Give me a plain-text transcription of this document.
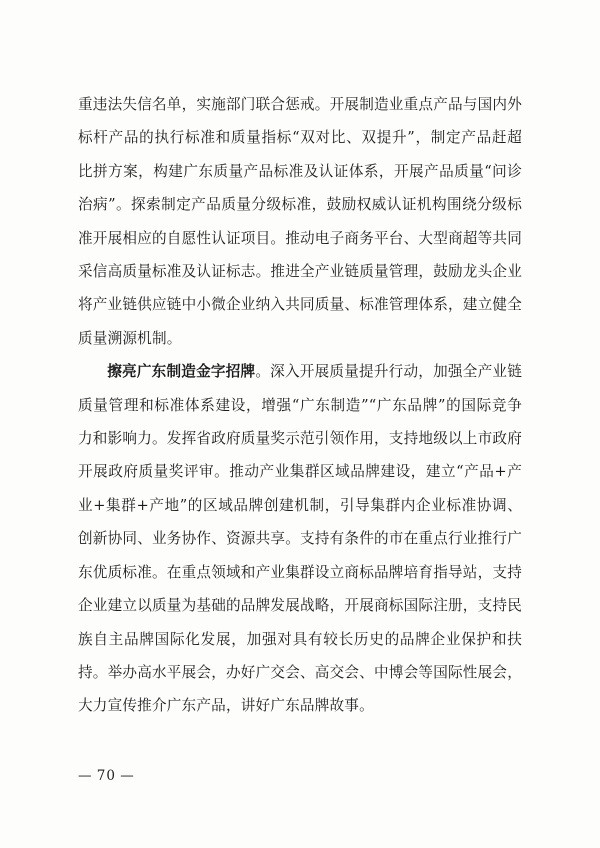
重违法失信名单，实施部门联合惩戒。开展制造业重点产品与国内外标杆产品的执行标准和质量指标“双对比、双提升”，制定产品赶超比拼方案，构建广东质量产品标准及认证体系，开展产品质量“问诊治病”。探索制定产品质量分级标准，鼓励权威认证机构围绕分级标准开展相应的自愿性认证项目。推动电子商务平台、大型商超等共同采信高质量标准及认证标志。推进全产业链质量管理，鼓励龙头企业将产业链供应链中小微企业纳入共同质量、标准管理体系，建立健全质量溯源机制。

擦亮广东制造金字招牌。深入开展质量提升行动，加强全产业链质量管理和标准体系建设，增强“广东制造”“广东品牌”的国际竞争力和影响力。发挥省政府质量奖示范引领作用，支持地级以上市政府开展政府质量奖评审。推动产业集群区域品牌建设，建立“产品+产业+集群+产地”的区域品牌创建机制，引导集群内企业标准协调、创新协同、业务协作、资源共享。支持有条件的市在重点行业推行广东优质标准。在重点领域和产业集群设立商标品牌培育指导站，支持企业建立以质量为基础的品牌发展战略，开展商标国际注册，支持民族自主品牌国际化发展，加强对具有较长历史的品牌企业保护和扶持。举办高水平展会，办好广交会、高交会、中博会等国际性展会，大力宣传推介广东产品，讲好广东品牌故事。

— 70 —
